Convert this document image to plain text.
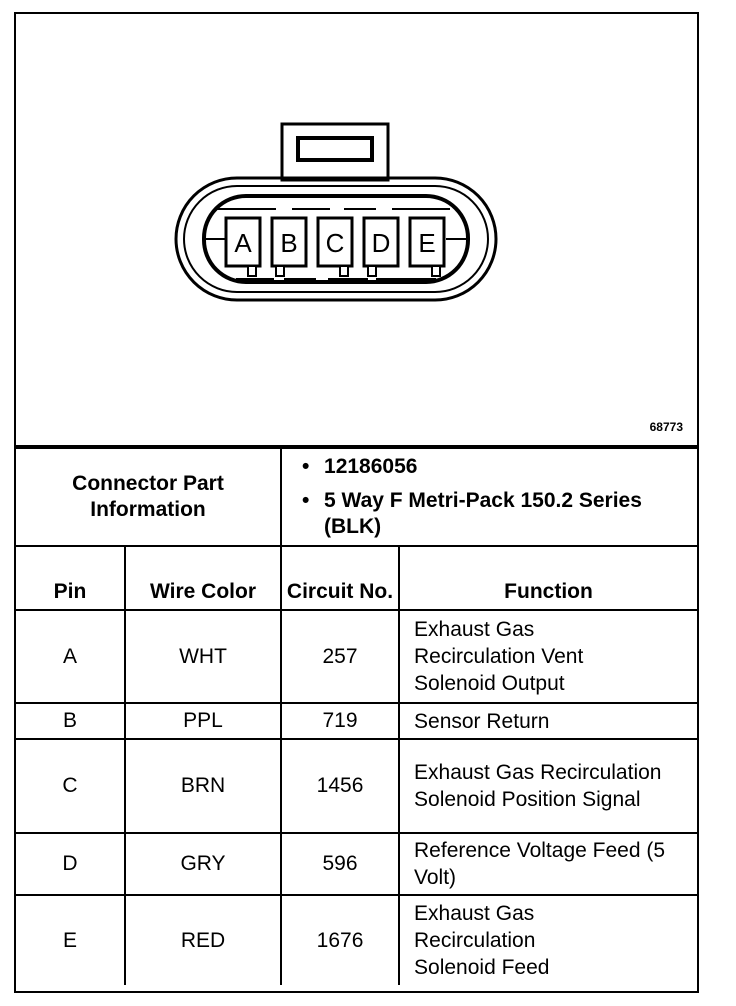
A B C D E
68773
Connector Part Information		• 12186056
• 5 Way F Metri-Pack 150.2 Series (BLK)

Pin	Wire Color	Circuit No.	Function
A	WHT	257	Exhaust Gas Recirculation Vent Solenoid Output
B	PPL	719	Sensor Return
C	BRN	1456	Exhaust Gas Recirculation Solenoid Position Signal
D	GRY	596	Reference Voltage Feed (5 Volt)
E	RED	1676	Exhaust Gas Recirculation Solenoid Feed
